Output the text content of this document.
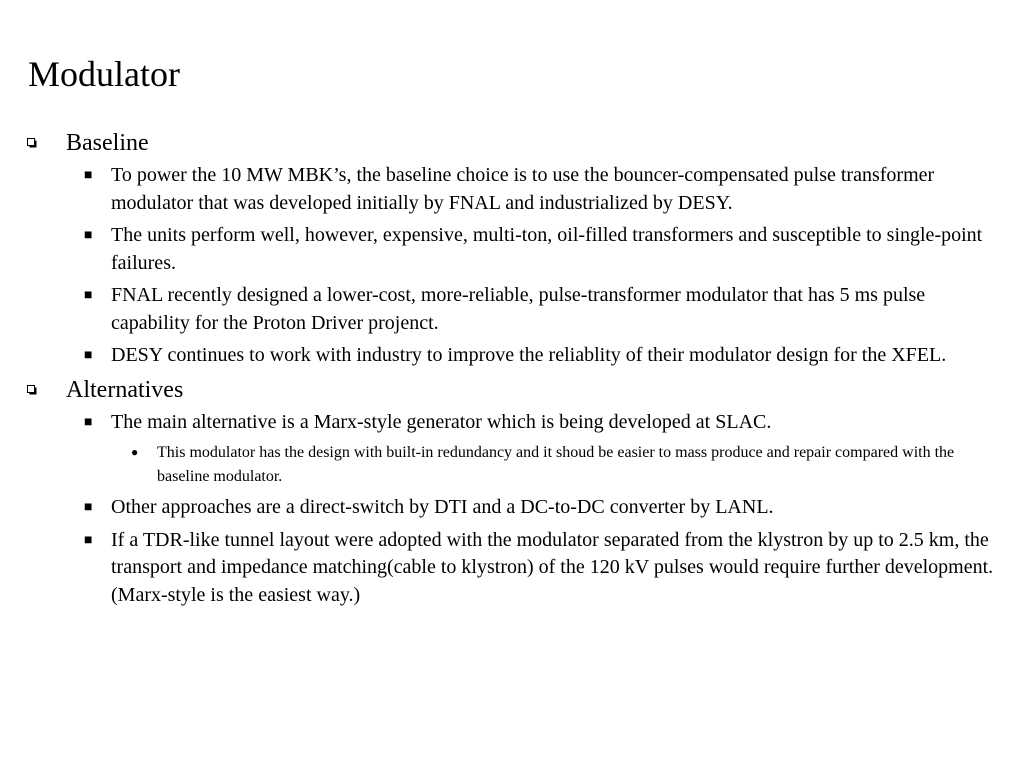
Modulator
Baseline
■ To power the 10 MW MBK’s, the baseline choice is to use the bouncer-compensated pulse transformer modulator that was developed initially by FNAL and industrialized by DESY.
■ The units perform well, however, expensive, multi-ton, oil-filled transformers and susceptible to single-point failures.
■ FNAL recently designed a lower-cost, more-reliable, pulse-transformer modulator that has 5 ms pulse capability for the Proton Driver projenct.
■ DESY continues to work with industry to improve the reliablity of their modulator design for the XFEL.
Alternatives
■ The main alternative is a Marx-style generator which is being developed at SLAC.
● This modulator has the design with built-in redundancy and it shoud be easier to mass produce and repair compared with the baseline modulator.
■ Other approaches are a direct-switch by DTI and a DC-to-DC converter by LANL.
■ If a TDR-like tunnel layout were adopted with the modulator separated from the klystron by up to 2.5 km, the transport and impedance matching(cable to klystron) of the 120 kV pulses would require further development. (Marx-style is the easiest way.)
